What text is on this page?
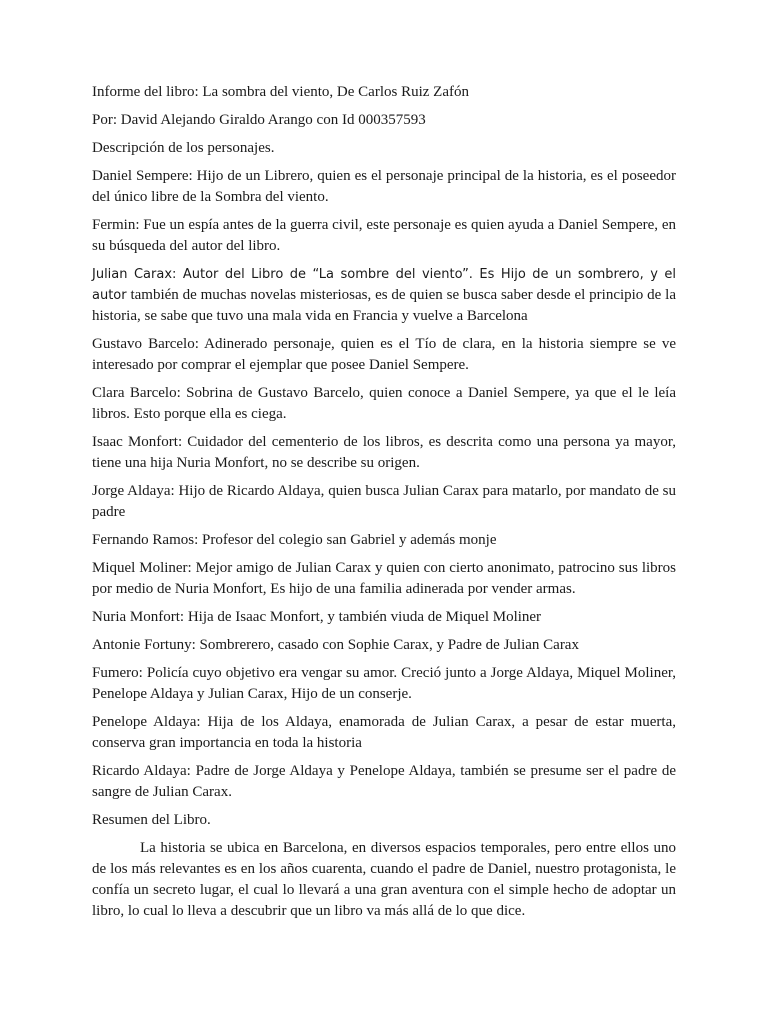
Informe del libro: La sombra del viento, De Carlos Ruiz Zafón

Por: David Alejando Giraldo Arango con Id 000357593

Descripción de los personajes.

Daniel Sempere: Hijo de un Librero, quien es el personaje principal de la historia, es el poseedor del único libre de la Sombra del viento.

Fermin: Fue un espía antes de la guerra civil, este personaje es quien ayuda a Daniel Sempere, en su búsqueda del autor del libro.

Julian Carax: Autor del Libro de “La sombre del viento”. Es Hijo de un sombrero, y el autor también de muchas novelas misteriosas, es de quien se busca saber desde el principio de la historia, se sabe que tuvo una mala vida en Francia y vuelve a Barcelona

Gustavo Barcelo: Adinerado personaje, quien es el Tío de clara, en la historia siempre se ve interesado por comprar el ejemplar que posee Daniel Sempere.

Clara Barcelo: Sobrina de Gustavo Barcelo, quien conoce a Daniel Sempere, ya que el le leía libros. Esto porque ella es ciega.

Isaac Monfort: Cuidador del cementerio de los libros, es descrita como una persona ya mayor, tiene una hija Nuria Monfort, no se describe su origen.

Jorge Aldaya: Hijo de Ricardo Aldaya, quien busca Julian Carax para matarlo, por mandato de su padre

Fernando Ramos: Profesor del colegio san Gabriel y además monje

Miquel Moliner: Mejor amigo de Julian Carax y quien con cierto anonimato, patrocino sus libros por medio de Nuria Monfort, Es hijo de una familia adinerada por vender armas.

Nuria Monfort: Hija de Isaac Monfort, y también viuda de Miquel Moliner

Antonie Fortuny: Sombrerero, casado con Sophie Carax, y Padre de Julian Carax

Fumero: Policía cuyo objetivo era vengar su amor. Creció junto a Jorge Aldaya, Miquel Moliner, Penelope Aldaya y Julian Carax, Hijo de un conserje.

Penelope Aldaya: Hija de los Aldaya, enamorada de Julian Carax, a pesar de estar muerta, conserva gran importancia en toda la historia

Ricardo Aldaya: Padre de Jorge Aldaya y Penelope Aldaya, también se presume ser el padre de sangre de Julian Carax.

Resumen del Libro.

La historia se ubica en Barcelona, en diversos espacios temporales, pero entre ellos uno de los más relevantes es en los años cuarenta, cuando el padre de Daniel, nuestro protagonista, le confía un secreto lugar, el cual lo llevará a una gran aventura con el simple hecho de adoptar un libro, lo cual lo lleva a descubrir que un libro va más allá de lo que dice.
